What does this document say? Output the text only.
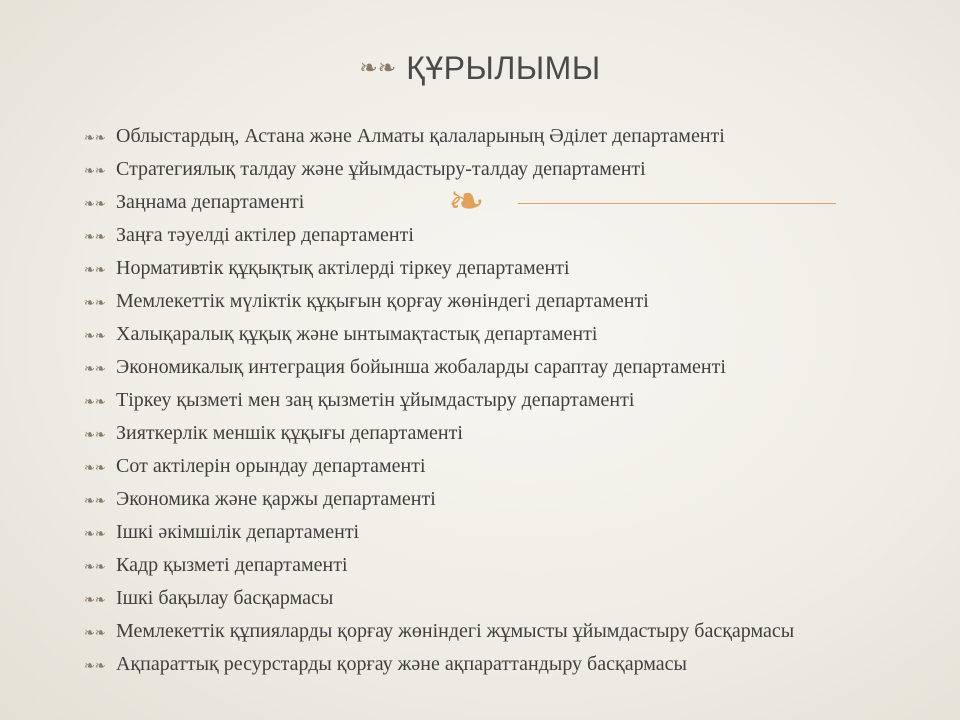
❧❧ ҚҰРЫЛЫМЫ
❧
❧❧ Облыстардың, Астана және Алматы қалаларының Әділет департаменті
❧❧ Стратегиялық талдау және ұйымдастыру-талдау департаменті
❧❧ Заңнама департаменті
❧❧ Заңға тәуелді актілер департаменті
❧❧ Нормативтік құқықтық актілерді тіркеу департаменті
❧❧ Мемлекеттік мүліктік құқығын қорғау жөніндегі департаменті
❧❧ Халықаралық құқық және ынтымақтастық департаменті
❧❧ Экономикалық интеграция бойынша жобаларды сараптау департаменті
❧❧ Тіркеу қызметі мен заң қызметін ұйымдастыру департаменті
❧❧ Зияткерлік меншік құқығы департаменті
❧❧ Сот актілерін орындау департаменті
❧❧ Экономика және қаржы департаменті
❧❧ Ішкі әкімшілік департаменті
❧❧ Кадр қызметі департаменті
❧❧ Ішкі бақылау басқармасы
❧❧ Мемлекеттік құпияларды қорғау жөніндегі жұмысты ұйымдастыру басқармасы
❧❧ Ақпараттық ресурстарды қорғау және ақпараттандыру басқармасы
